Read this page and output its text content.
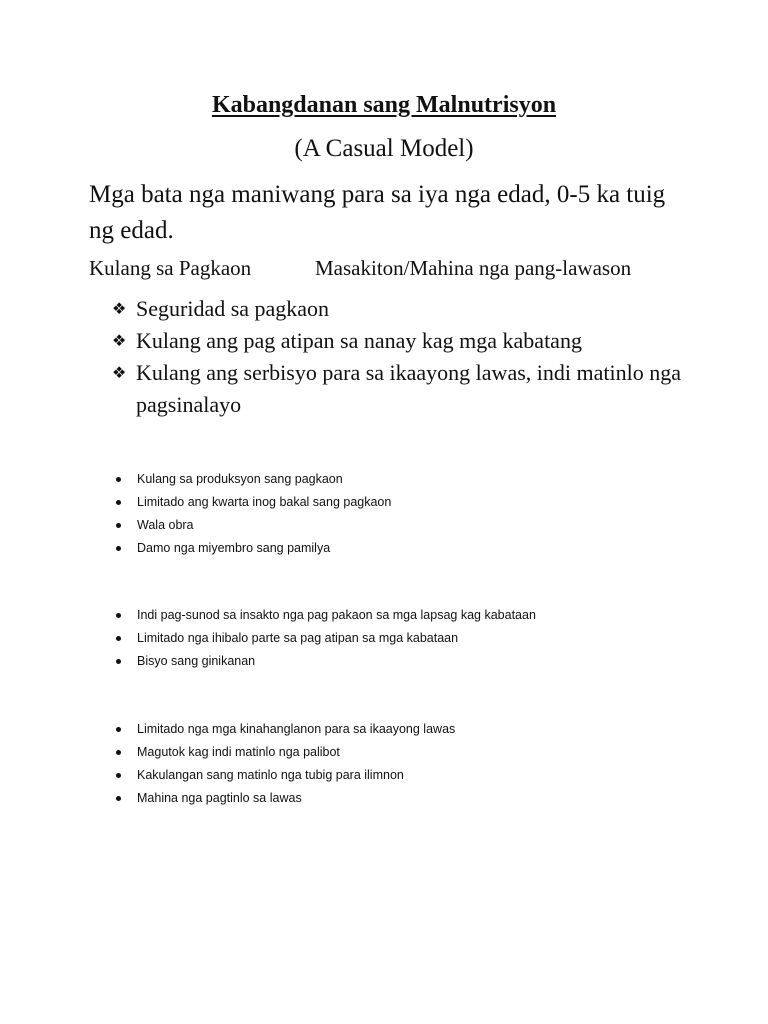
Kabangdanan sang Malnutrisyon
(A Casual Model)
Mga bata nga maniwang para sa iya nga edad, 0-5 ka tuig ng edad.
Kulang sa Pagkaon	Masakiton/Mahina nga pang-lawason
❖ Seguridad sa pagkaon
❖ Kulang ang pag atipan sa nanay kag mga kabatang
❖ Kulang ang serbisyo para sa ikaayong lawas, indi matinlo nga pagsinalayo
Kulang sa produksyon sang pagkaon
Limitado ang kwarta inog bakal sang pagkaon
Wala obra
Damo nga miyembro sang pamilya
Indi pag-sunod sa insakto nga pag pakaon sa mga lapsag kag kabataan
Limitado nga ihibalo parte sa pag atipan sa mga kabataan
Bisyo sang ginikanan
Limitado nga mga kinahanglanon para sa ikaayong lawas
Magutok kag indi matinlo nga palibot
Kakulangan sang matinlo nga tubig para ilimnon
Mahina nga pagtinlo sa lawas
